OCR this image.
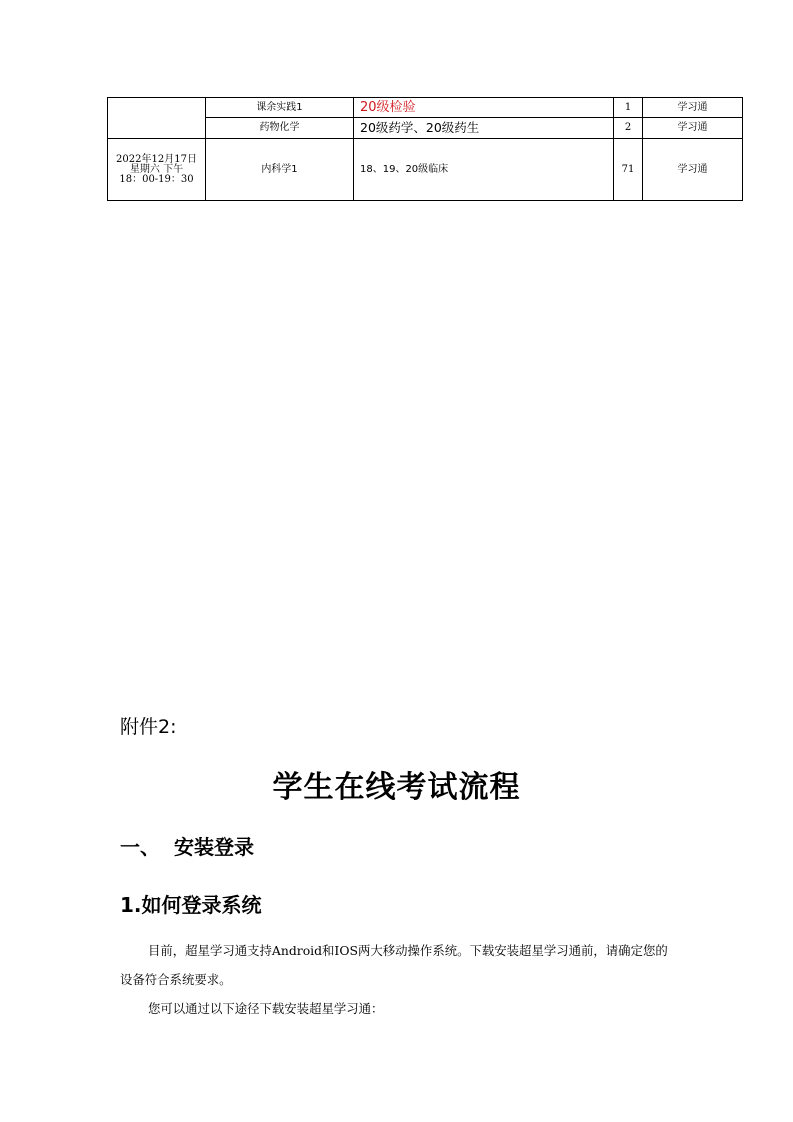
	课余实践1	20级检验	1	学习通
	药物化学	20级药学、20级药生	2	学习通

2022年12月17日
星期六 下午
18：00-19：30	内科学1	18、19、20级临床	71	学习通
附件2:
学生在线考试流程
一、 安装登录
1.如何登录系统
目前，超星学习通支持Android和IOS两大移动操作系统。下载安装超星学习通前，请确定您的设备符合系统要求。
您可以通过以下途径下载安装超星学习通：
